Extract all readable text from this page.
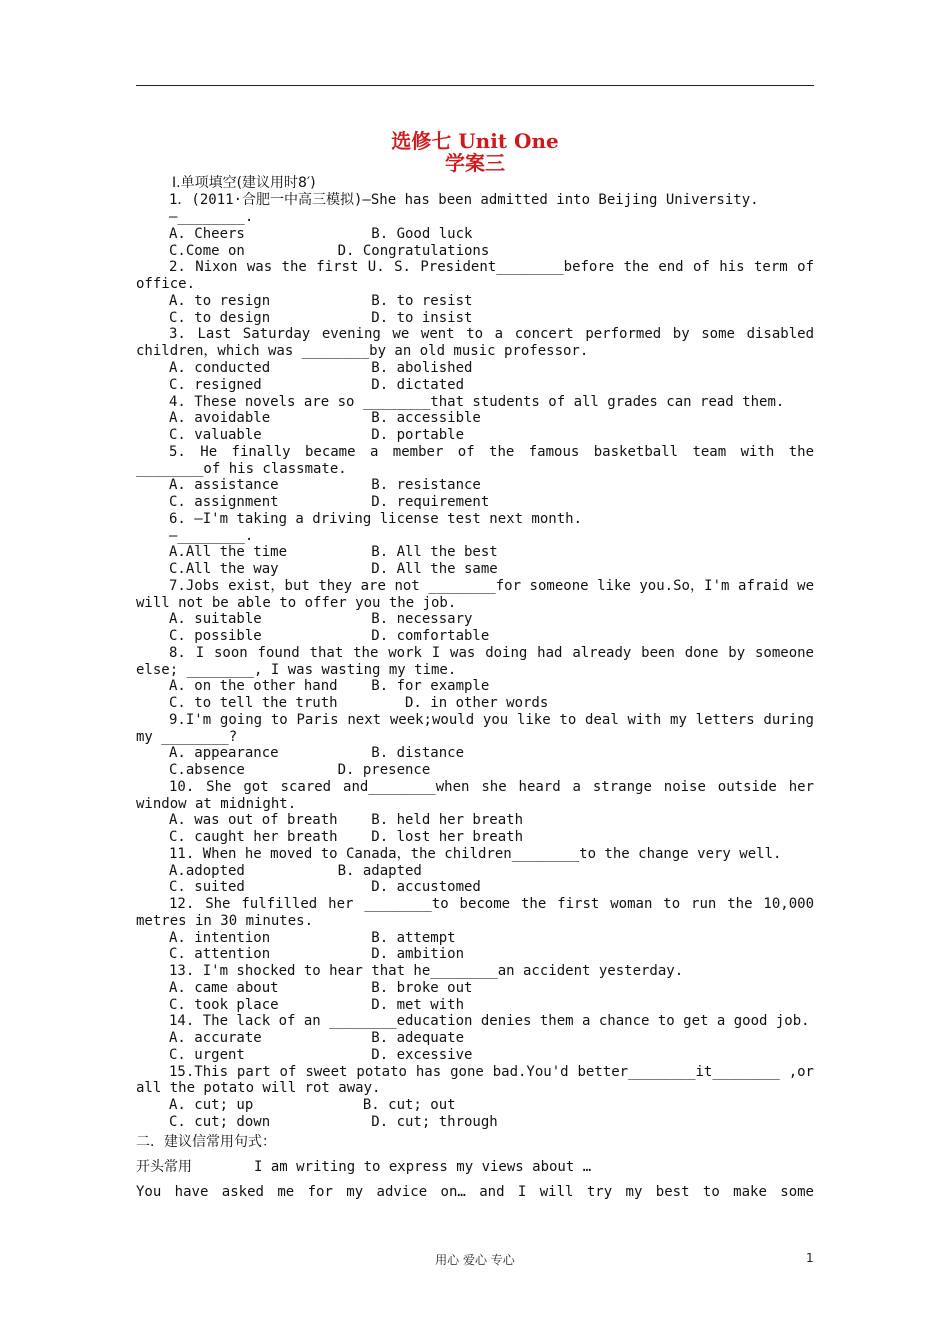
选修七 Unit One
学案三
Ⅰ.单项填空(建议用时8′)
1．(2011·合肥一中高三模拟)—She has been admitted into Beijing University.
—________.
A. Cheers               B. Good luck
C.Come on           D. Congratulations
2. Nixon was the first U. S. President________before the end of his term of
office.
A. to resign            B. to resist
C. to design            D. to insist
3. Last Saturday evening we went to a concert performed by some disabled
children，which was ________by an old music professor.
A. conducted            B. abolished
C. resigned             D. dictated
4. These novels are so ________that students of all grades can read them.
A. avoidable            B. accessible
C. valuable             D. portable
5. He finally became a member of the famous basketball team with the
________of his classmate.
A. assistance           B. resistance
C. assignment           D. requirement
6. —I'm taking a driving license test next month.
—________.
A.All the time          B. All the best
C.All the way           D. All the same
7.Jobs exist，but they are not ________for someone like you.So，I'm afraid we
will not be able to offer you the job.
A. suitable             B. necessary
C. possible             D. comfortable
8. I soon found that the work I was doing had already been done by someone
else; ________, I was wasting my time.
A. on the other hand    B. for example
C. to tell the truth        D. in other words
9.I'm going to Paris next week;would you like to deal with my letters during
my ________?
A. appearance           B. distance
C.absence           D. presence
10. She got scared and________when she heard a strange noise outside her
window at midnight.
A. was out of breath    B. held her breath
C. caught her breath    D. lost her breath
11. When he moved to Canada，the children________to the change very well.
A.adopted           B. adapted
C. suited               D. accustomed
12. She fulfilled her ________to become the first woman to run the 10,000
metres in 30 minutes.
A. intention            B. attempt
C. attention            D. ambition
13. I'm shocked to hear that he________an accident yesterday.
A. came about           B. broke out
C. took place           D. met with
14. The lack of an ________education denies them a chance to get a good job.
A. accurate             B. adequate
C. urgent               D. excessive
15.This part of sweet potato has gone bad.You'd better________it________ ,or
all the potato will rot away.
A. cut; up             B. cut; out
C. cut; down            D. cut; through
二．建议信常用句式：
开头常用	I am writing to express my views about …
You have asked me for my advice on… and I will try my best to make some
用心 爱心 专心	1
